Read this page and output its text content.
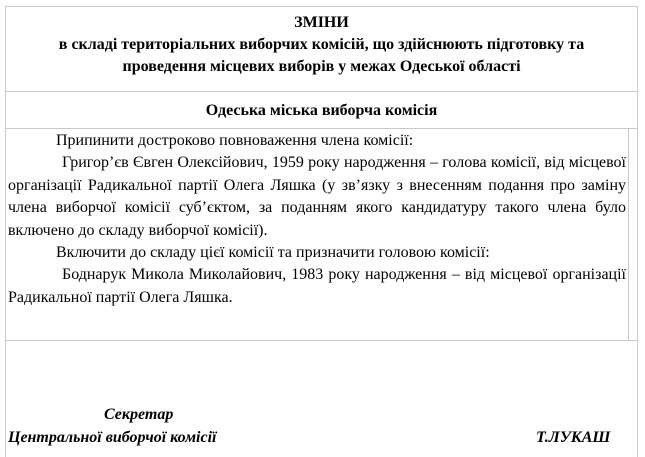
ЗМІНИ
в складі територіальних виборчих комісій, що здійснюють підготовку та
проведення місцевих виборів у межах Одеської області
Одеська міська виборча комісія

Припинити достроково повноваження члена комісії:

Григор’єв Євген Олексійович, 1959 року народження – голова комісії, від місцевої організації Радикальної партії Олега Ляшка (у зв’язку з внесенням подання про заміну члена виборчої комісії суб’єктом, за поданням якого кандидатуру такого члена було включено до складу виборчої комісії).

Включити до складу цієї комісії та призначити головою комісії:

Боднарук Микола Миколайович, 1983 року народження – від місцевої організації Радикальної партії Олега Ляшка.

Секретар
Центральної виборчої комісії	Т.ЛУКАШ
